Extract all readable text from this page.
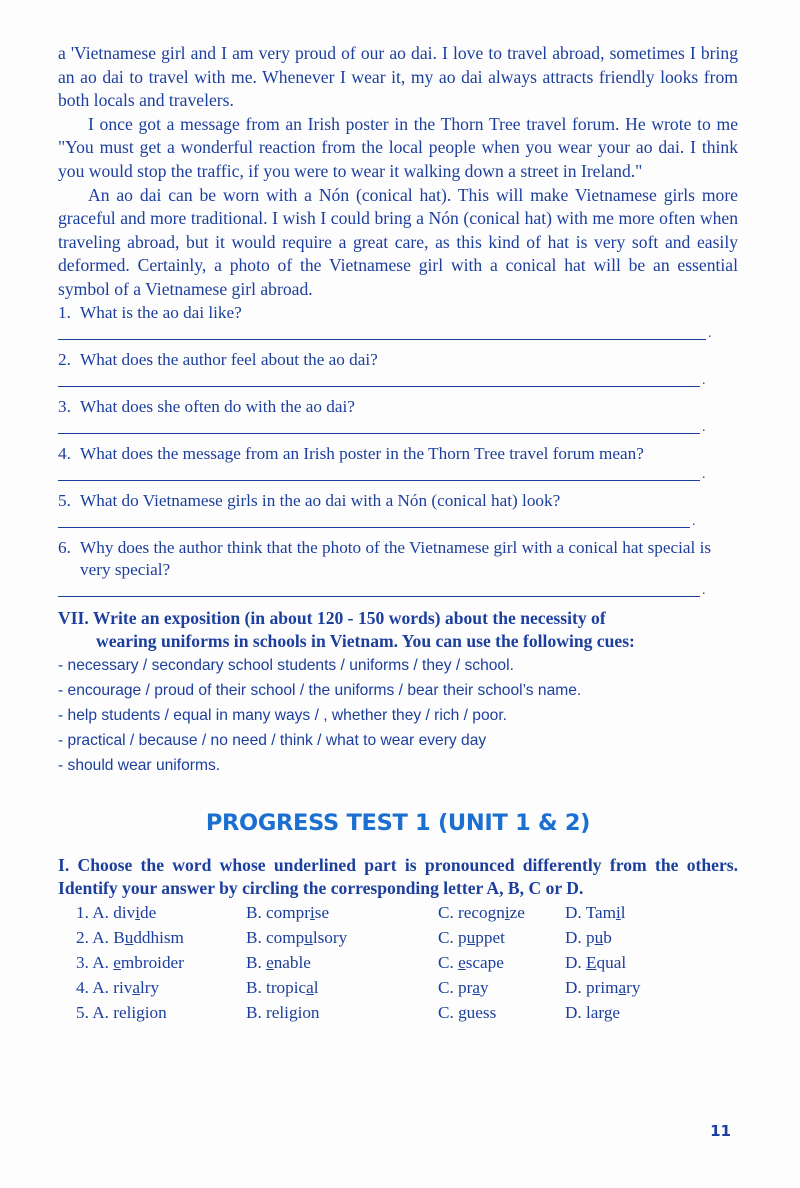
a 'Vietnamese girl and I am very proud of our ao dai. I love to travel abroad, sometimes I bring an ao dai to travel with me. Whenever I wear it, my ao dai always attracts friendly looks from both locals and travelers.

I once got a message from an Irish poster in the Thorn Tree travel forum. He wrote to me "You must get a wonderful reaction from the local people when you wear your ao dai. I think you would stop the traffic, if you were to wear it walking down a street in Ireland."

An ao dai can be worn with a Nón (conical hat). This will make Vietnamese girls more graceful and more traditional. I wish I could bring a Nón (conical hat) with me more often when traveling abroad, but it would require a great care, as this kind of hat is very soft and easily deformed. Certainly, a photo of the Vietnamese girl with a conical hat will be an essential symbol of a Vietnamese girl abroad.

1. What is the ao dai like?
.
2. What does the author feel about the ao dai?
.
3. What does she often do with the ao dai?
.
4. What does the message from an Irish poster in the Thorn Tree travel forum mean?
.
5. What do Vietnamese girls in the ao dai with a Nón (conical hat) look?
.
6. Why does the author think that the photo of the Vietnamese girl with a conical hat special is very special?
.

VII. Write an exposition (in about 120 - 150 words) about the necessity of
wearing uniforms in schools in Vietnam. You can use the following cues:

- necessary / secondary school students / uniforms / they / school.

- encourage / proud of their school / the uniforms / bear their school’s name.

- help students / equal in many ways / , whether they / rich / poor.

- practical / because / no need / think / what to wear every day

- should wear uniforms.

PROGRESS TEST 1 (UNIT 1 & 2)

I. Choose the word whose underlined part is pronounced differently from the others. Identify your answer by circling the corresponding letter A, B, C or D.

1. A. divide	B. comprise	C. recognize	D. Tamil
2. A. Buddhism	B. compulsory	C. puppet	D. pub
3. A. embroider	B. enable	C. escape	D. Equal
4. A. rivalry	B. tropical	C. pray	D. primary
5. A. religion	B. religion	C. guess	D. large
11
